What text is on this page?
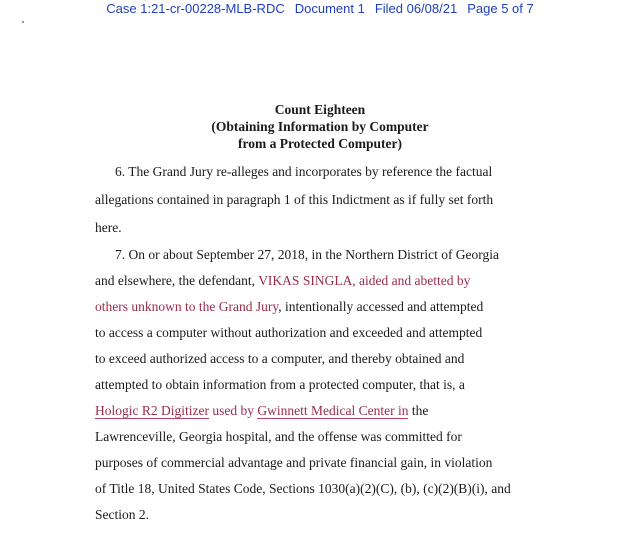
Case 1:21-cr-00228-MLB-RDC Document 1 Filed 06/08/21 Page 5 of 7
Count Eighteen
(Obtaining Information by Computer
from a Protected Computer)
6. The Grand Jury re-alleges and incorporates by reference the factual
allegations contained in paragraph 1 of this Indictment as if fully set forth
here.
7. On or about September 27, 2018, in the Northern District of Georgia
and elsewhere, the defendant, VIKAS SINGLA, aided and abetted by
others unknown to the Grand Jury, intentionally accessed and attempted
to access a computer without authorization and exceeded and attempted
to exceed authorized access to a computer, and thereby obtained and
attempted to obtain information from a protected computer, that is, a
Hologic R2 Digitizer used by Gwinnett Medical Center in the
Lawrenceville, Georgia hospital, and the offense was committed for
purposes of commercial advantage and private financial gain, in violation
of Title 18, United States Code, Sections 1030(a)(2)(C), (b), (c)(2)(B)(i), and
Section 2.
